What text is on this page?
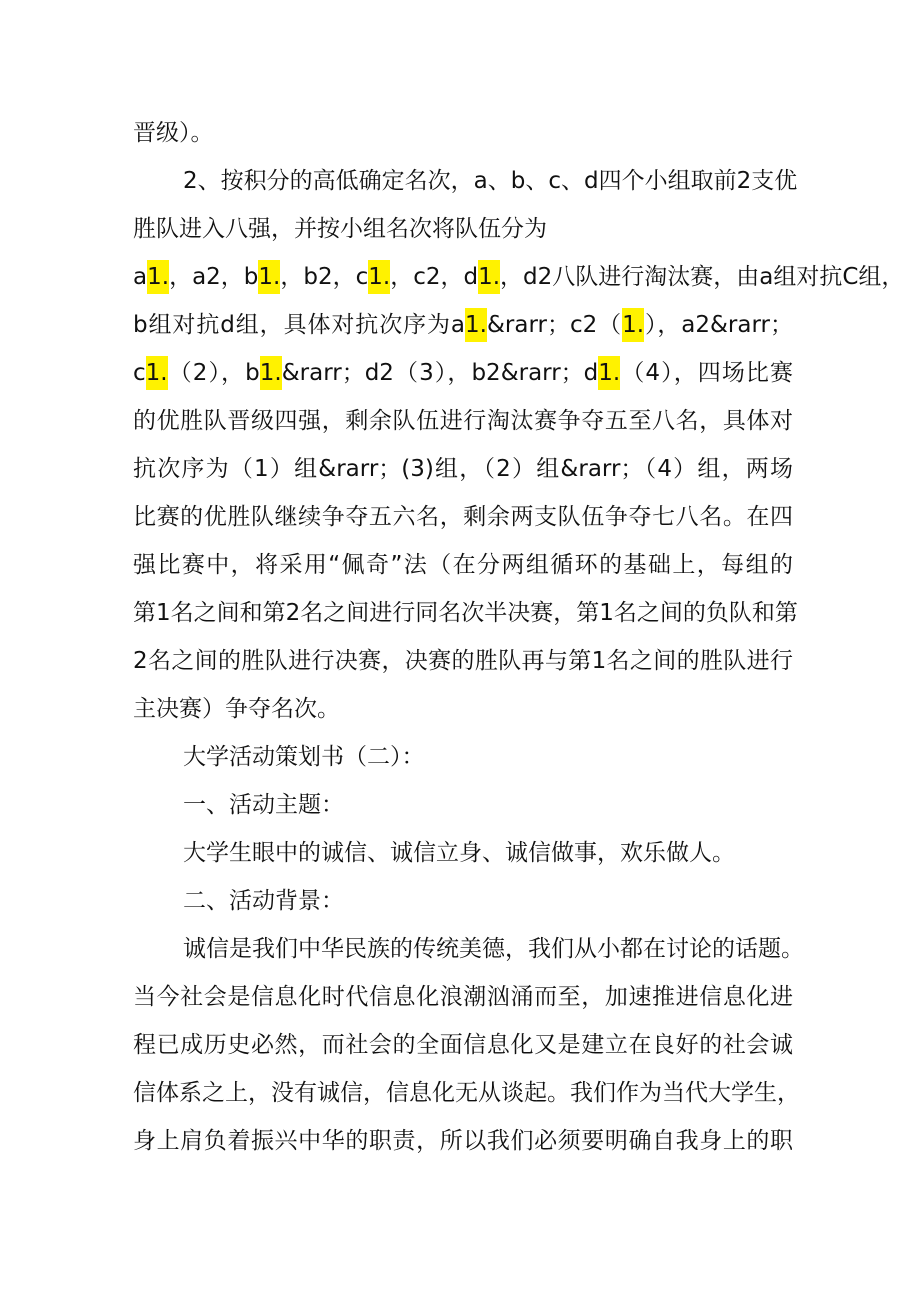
晋级）。
2、按积分的高低确定名次，a、b、c、d四个小组取前2支优
胜队进入八强，并按小组名次将队伍分为
a1.，a2，b1.，b2，c1.，c2，d1.，d2八队进行淘汰赛，由a组对抗C组，
b组对抗d组，具体对抗次序为a1.&rarr；c2（1.），a2&rarr；
c1.（2），b1.&rarr；d2（3），b2&rarr；d1.（4），四场比赛
的优胜队晋级四强，剩余队伍进行淘汰赛争夺五至八名，具体对
抗次序为（1）组&rarr；(3)组，（2）组&rarr；（4）组，两场
比赛的优胜队继续争夺五六名，剩余两支队伍争夺七八名。在四
强比赛中，将采用“佩奇”法（在分两组循环的基础上，每组的
第1名之间和第2名之间进行同名次半决赛，第1名之间的负队和第
2名之间的胜队进行决赛，决赛的胜队再与第1名之间的胜队进行
主决赛）争夺名次。
大学活动策划书（二）：
一、活动主题：
大学生眼中的诚信、诚信立身、诚信做事，欢乐做人。
二、活动背景：
诚信是我们中华民族的传统美德，我们从小都在讨论的话题。
当今社会是信息化时代信息化浪潮汹涌而至，加速推进信息化进
程已成历史必然，而社会的全面信息化又是建立在良好的社会诚
信体系之上，没有诚信，信息化无从谈起。我们作为当代大学生，
身上肩负着振兴中华的职责，所以我们必须要明确自我身上的职
